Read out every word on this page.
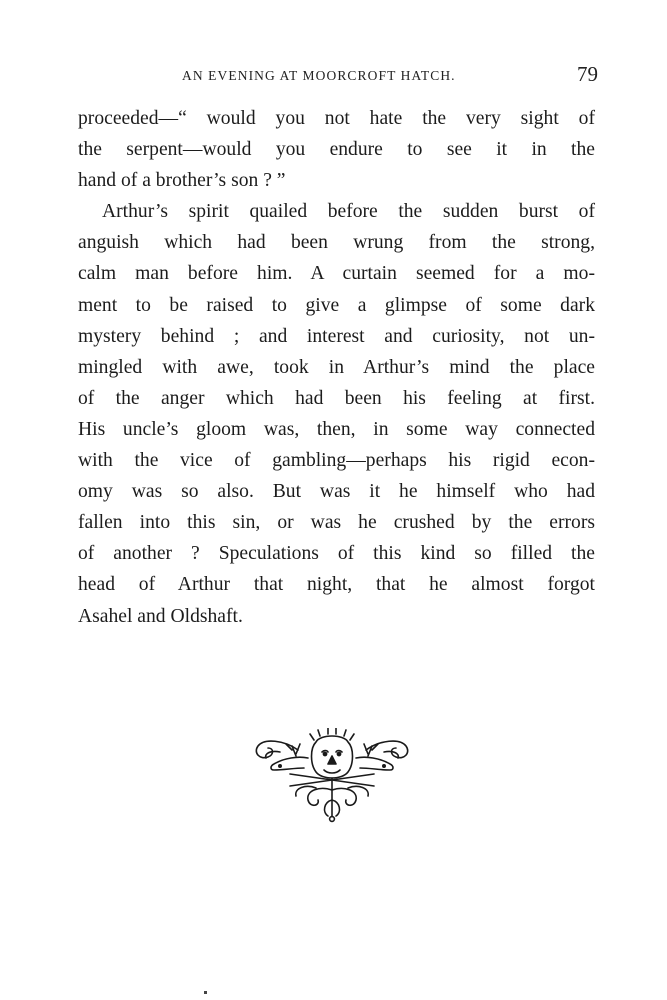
AN EVENING AT MOORCROFT HATCH.	79
proceeded—“ would you not hate the very sight of
the serpent—would you endure to see it in the
hand of a brother’s son ? ”
Arthur’s spirit quailed before the sudden burst of
anguish which had been wrung from the strong,
calm man before him. A curtain seemed for a mo-
ment to be raised to give a glimpse of some dark
mystery behind ; and interest and curiosity, not un-
mingled with awe, took in Arthur’s mind the place
of the anger which had been his feeling at first.
His uncle’s gloom was, then, in some way connected
with the vice of gambling—perhaps his rigid econ-
omy was so also. But was it he himself who had
fallen into this sin, or was he crushed by the errors
of another ? Speculations of this kind so filled the
head of Arthur that night, that he almost forgot
Asahel and Oldshaft.
